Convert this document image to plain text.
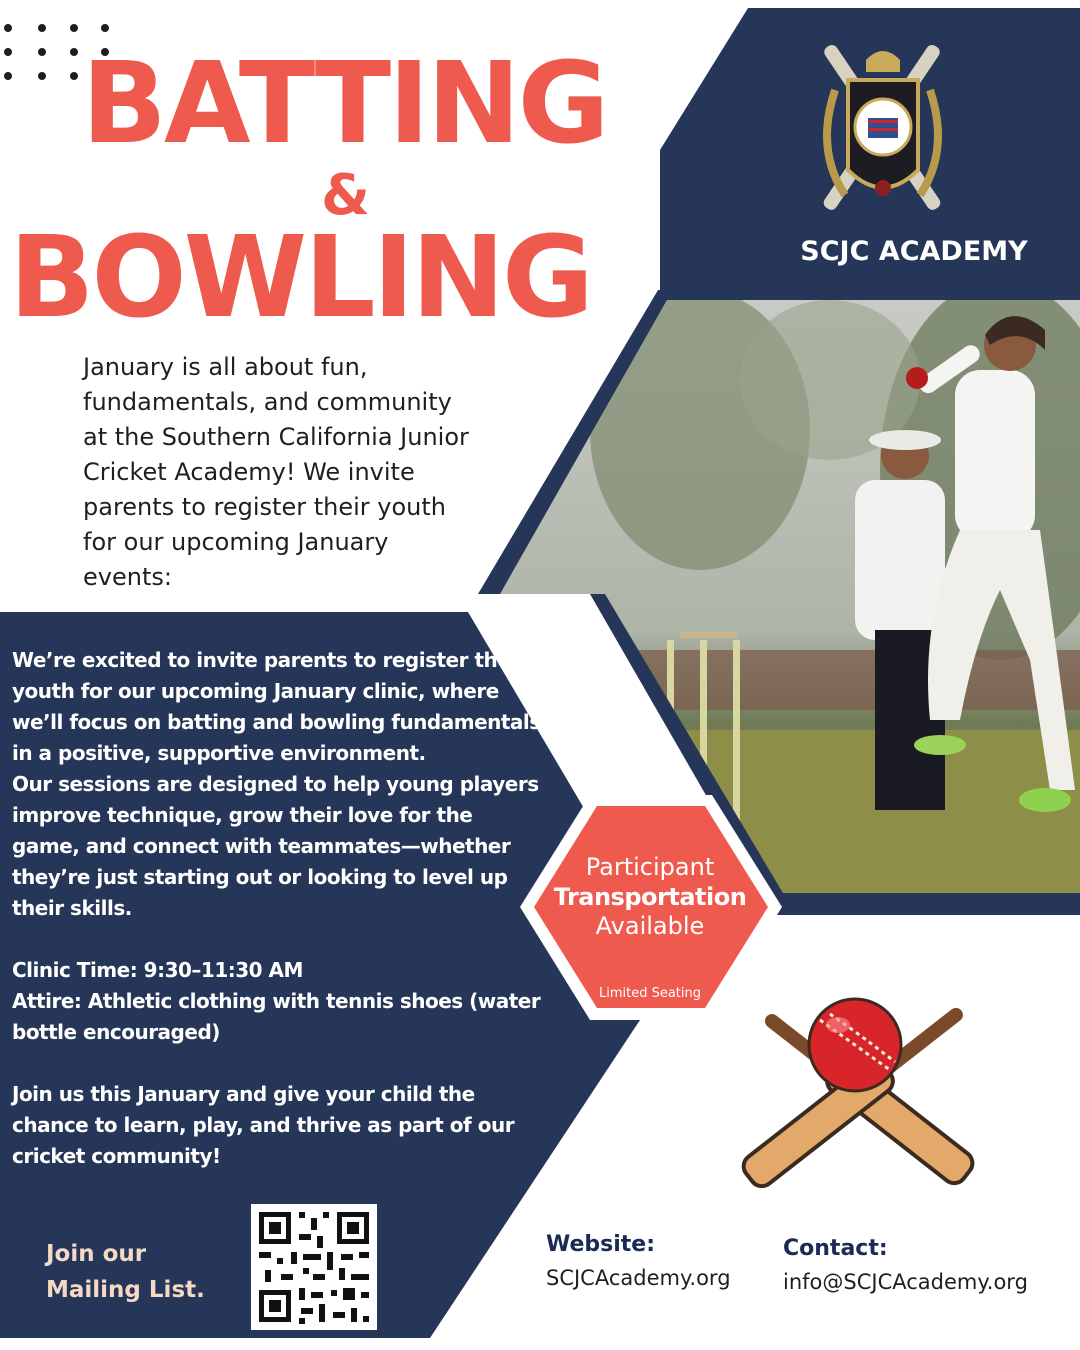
BATTING
&
BOWLING	SCJC ACADEMY
January is all about fun, fundamentals, and community at the Southern California Junior Cricket Academy! We invite parents to register their youth for our upcoming January events:

We’re excited to invite parents to register their youth for our upcoming January clinic, where we’ll focus on batting and bowling fundamentals in a positive, supportive environment.

Our sessions are designed to help young players improve technique, grow their love for the game, and connect with teammates—whether they’re just starting out or looking to level up their skills.

Clinic Time: 9:30–11:30 AM

Attire: Athletic clothing with tennis shoes (water bottle encouraged)

Join us this January and give your child the chance to learn, play, and thrive as part of our cricket community!

Participant
Transportation
Available
Limited Seating
Join our
Mailing List.
Website:
SCJCAcademy.org
Contact:
info@SCJCAcademy.org
